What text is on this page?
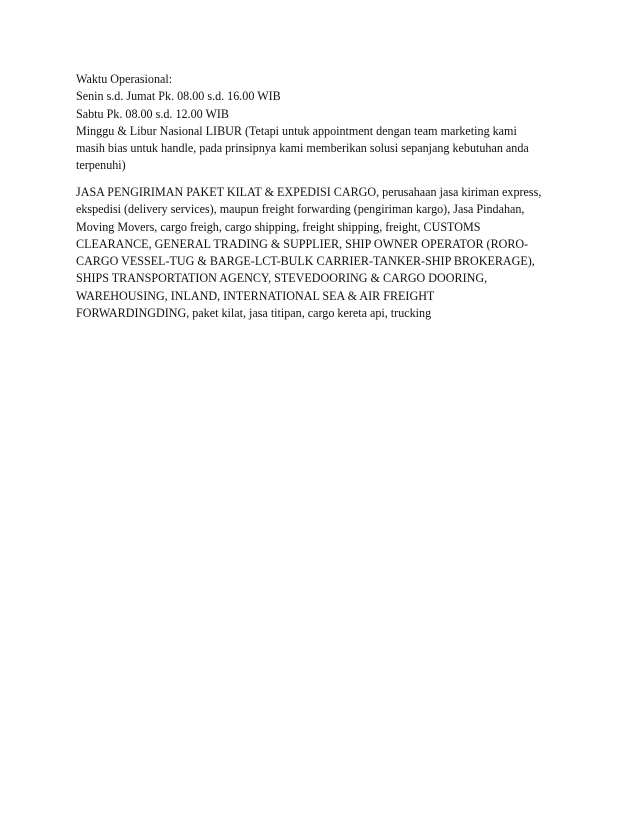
Waktu Operasional:
Senin s.d. Jumat Pk. 08.00 s.d. 16.00 WIB
Sabtu Pk. 08.00 s.d. 12.00 WIB
Minggu & Libur Nasional LIBUR (Tetapi untuk appointment dengan team marketing kami
masih bias untuk handle, pada prinsipnya kami memberikan solusi sepanjang kebutuhan anda
terpenuhi)
JASA PENGIRIMAN PAKET KILAT & EXPEDISI CARGO, perusahaan jasa kiriman express,
ekspedisi (delivery services), maupun freight forwarding (pengiriman kargo), Jasa Pindahan,
Moving Movers, cargo freigh, cargo shipping, freight shipping, freight, CUSTOMS
CLEARANCE, GENERAL TRADING & SUPPLIER, SHIP OWNER OPERATOR (RORO-
CARGO VESSEL-TUG & BARGE-LCT-BULK CARRIER-TANKER-SHIP BROKERAGE),
SHIPS TRANSPORTATION AGENCY, STEVEDOORING & CARGO DOORING,
WAREHOUSING, INLAND, INTERNATIONAL SEA & AIR FREIGHT
FORWARDINGDING, paket kilat, jasa titipan, cargo kereta api, trucking
